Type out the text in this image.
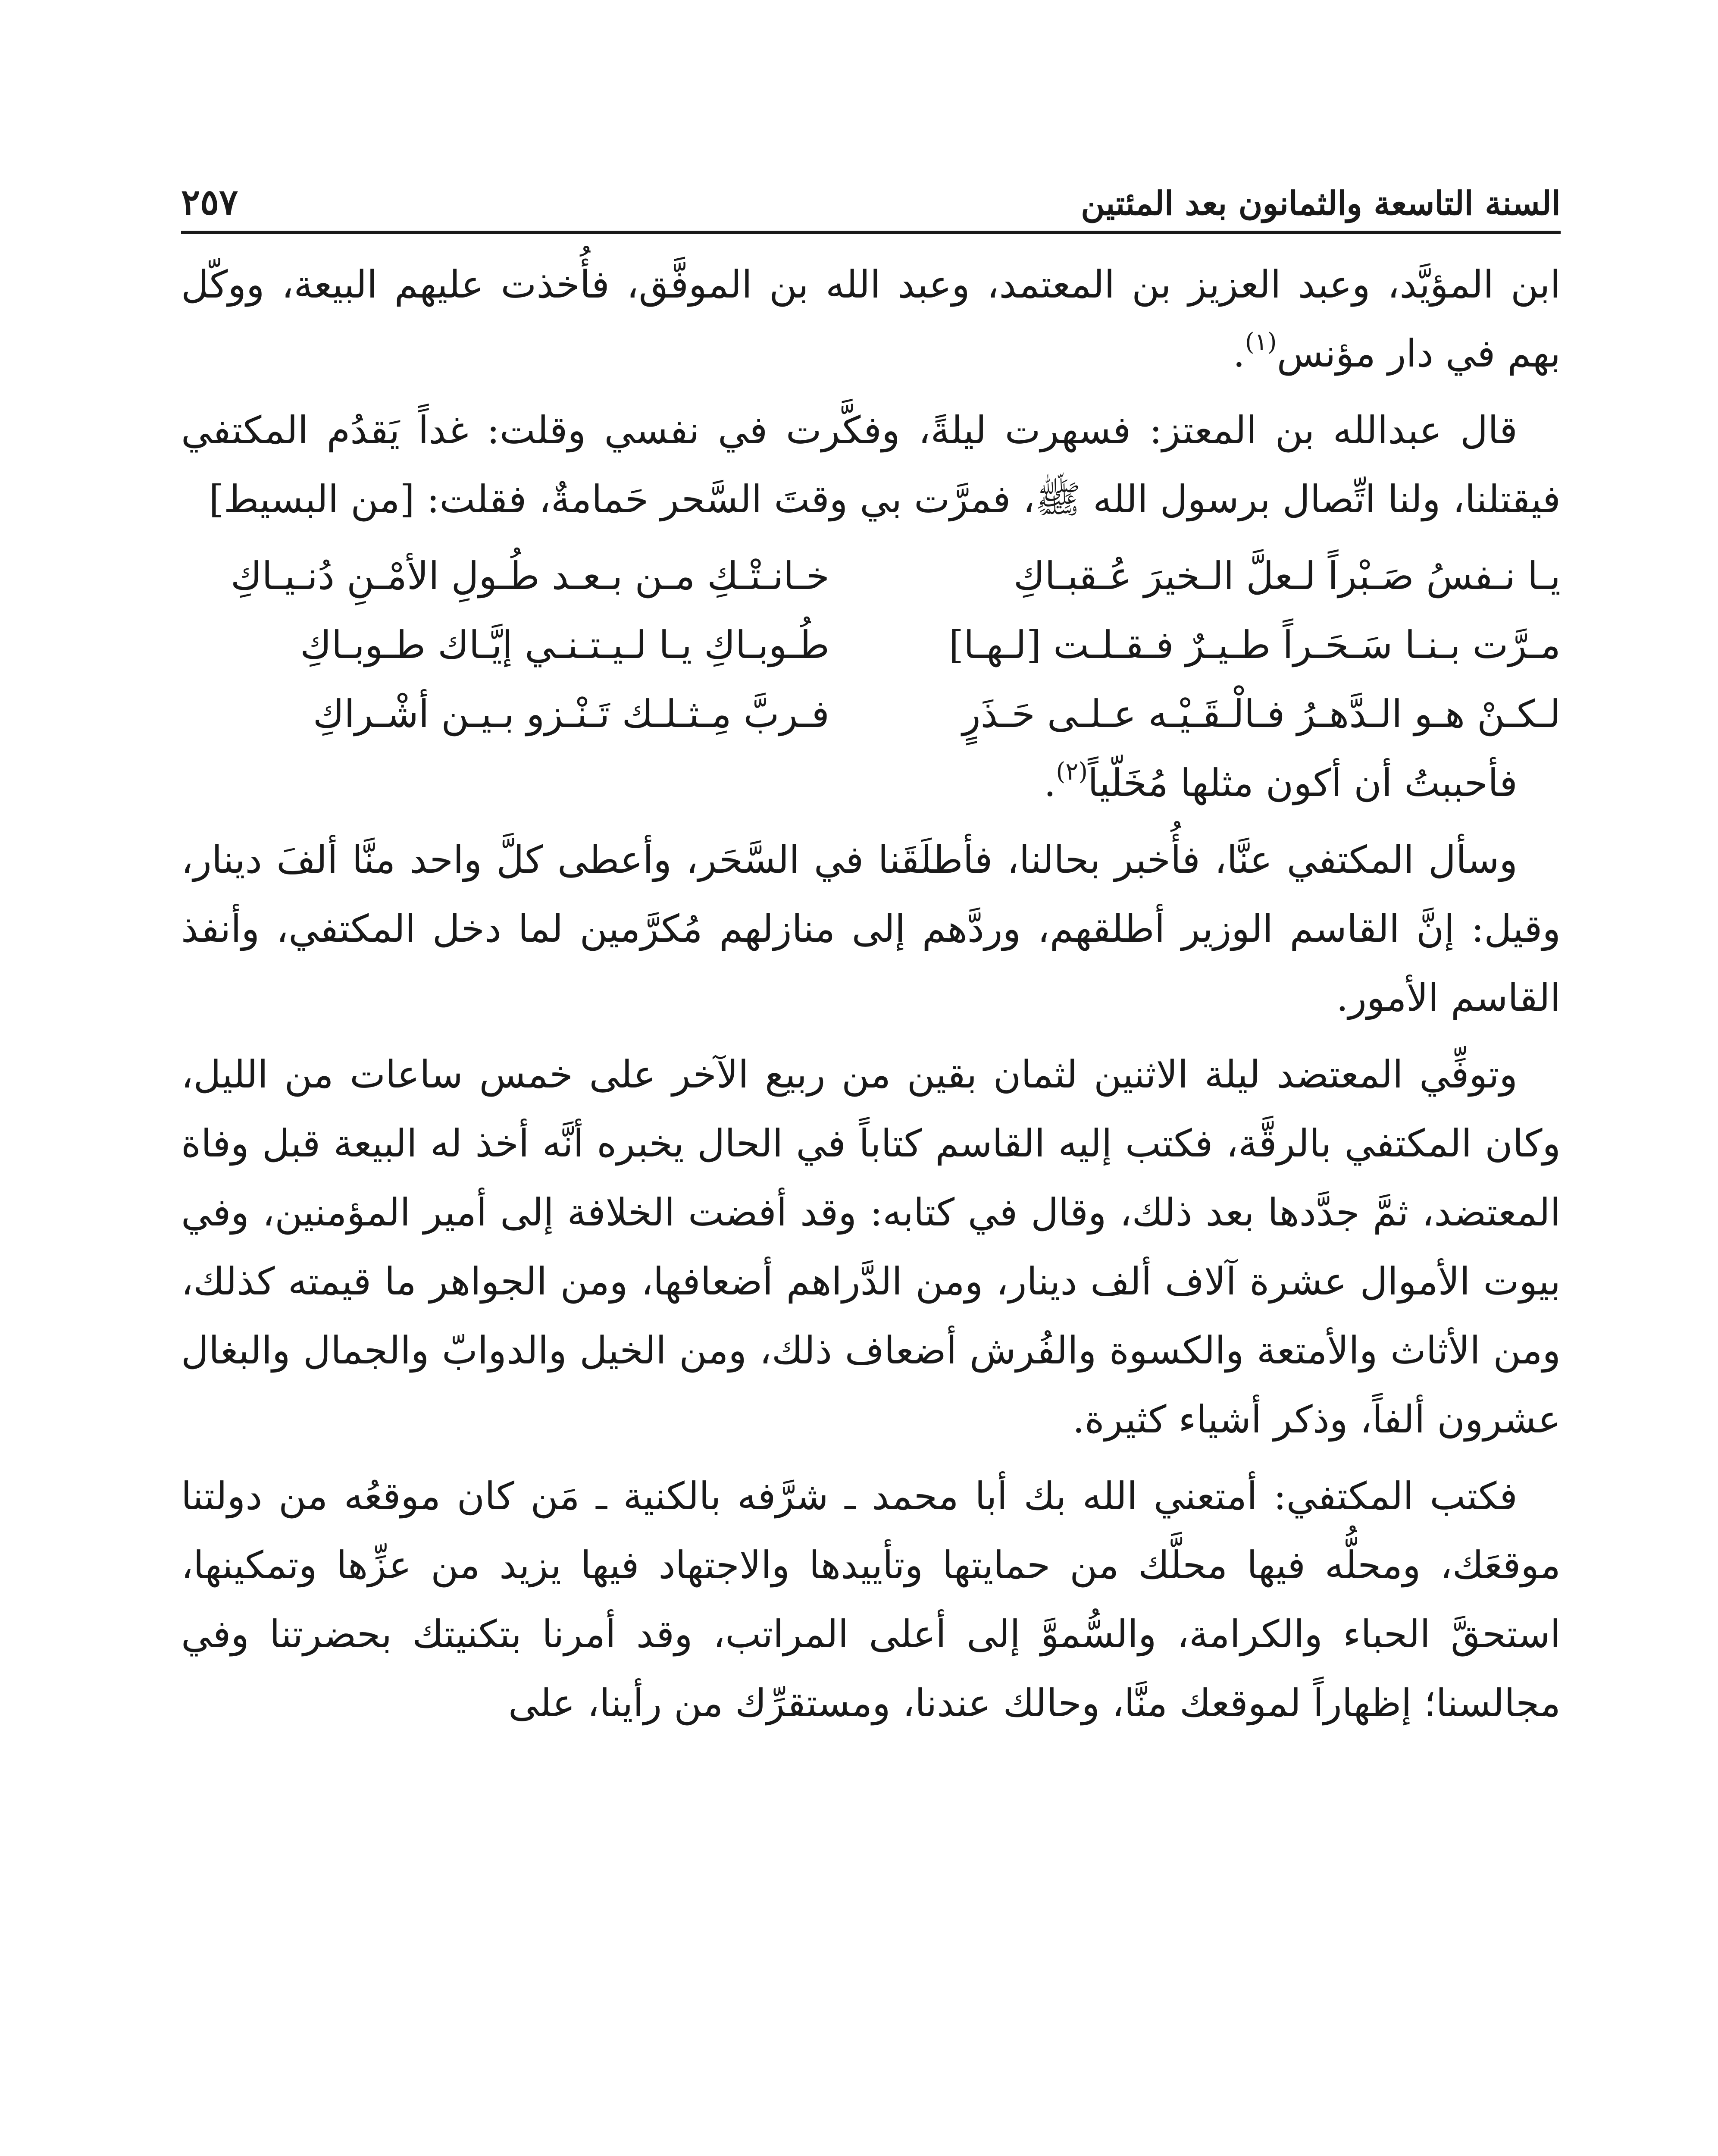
السنة التاسعة والثمانون بعد المئتين
٢٥٧

ابن المؤيَّد، وعبد العزيز بن المعتمد، وعبد الله بن الموفَّق، فأُخذت عليهم البيعة، ووكّل بهم في دار مؤنس$^{(١)}$.

قال عبدالله بن المعتز: فسهرت ليلةً، وفكَّرت في نفسي وقلت: غداً يَقدُم المكتفي فيقتلنا، ولنا اتِّصال برسول الله ﷺ، فمرَّت بي وقتَ السَّحر حَمامةٌ، فقلت: [من البسيط]

يـا نـفسُ صَـبْراً لـعلَّ الـخيرَ عُـقبـاكِ
خـانـتْـكِ مـن بـعـد طُـولِ الأمْـنِ دُنـيـاكِ
مـرَّت بـنـا سَـحَـراً طـيـرٌ فـقـلـت [لـهـا]
طُـوبـاكِ يـا لـيـتـنـي إيَّـاك طـوبـاكِ
لـكـنْ هـو الـدَّهـرُ فـالْـقَـيْـه عـلـى حَـذَرٍ
فـربَّ مِـثـلـك تَـنْـزو بـيـن أشْـراكِ

فأحببتُ أن أكون مثلها مُخَلّياً$^{(٢)}$.

وسأل المكتفي عنَّا، فأُخبر بحالنا، فأطلَقَنا في السَّحَر، وأعطى كلَّ واحد منَّا ألفَ دينار، وقيل: إنَّ القاسم الوزير أطلقهم، وردَّهم إلى منازلهم مُكرَّمين لما دخل المكتفي، وأنفذ القاسم الأمور.

وتوفِّي المعتضد ليلة الاثنين لثمان بقين من ربيع الآخر على خمس ساعات من الليل، وكان المكتفي بالرقَّة، فكتب إليه القاسم كتاباً في الحال يخبره أنَّه أخذ له البيعة قبل وفاة المعتضد، ثمَّ جدَّدها بعد ذلك، وقال في كتابه: وقد أفضت الخلافة إلى أمير المؤمنين، وفي بيوت الأموال عشرة آلاف ألف دينار، ومن الدَّراهم أضعافها، ومن الجواهر ما قيمته كذلك، ومن الأثاث والأمتعة والكسوة والفُرش أضعاف ذلك، ومن الخيل والدوابّ والجمال والبغال عشرون ألفاً، وذكر أشياء كثيرة.

فكتب المكتفي: أمتعني الله بك أبا محمد ـ شرَّفه بالكنية ـ مَن كان موقعُه من دولتنا موقعَك، ومحلُّه فيها محلَّك من حمايتها وتأييدها والاجتهاد فيها يزيد من عزِّها وتمكينها، استحقَّ الحباء والكرامة، والسُّموَّ إلى أعلى المراتب، وقد أمرنا بتكنيتك بحضرتنا وفي مجالسنا؛ إظهاراً لموقعك منَّا، وحالك عندنا، ومستقرِّك من رأينا، على
